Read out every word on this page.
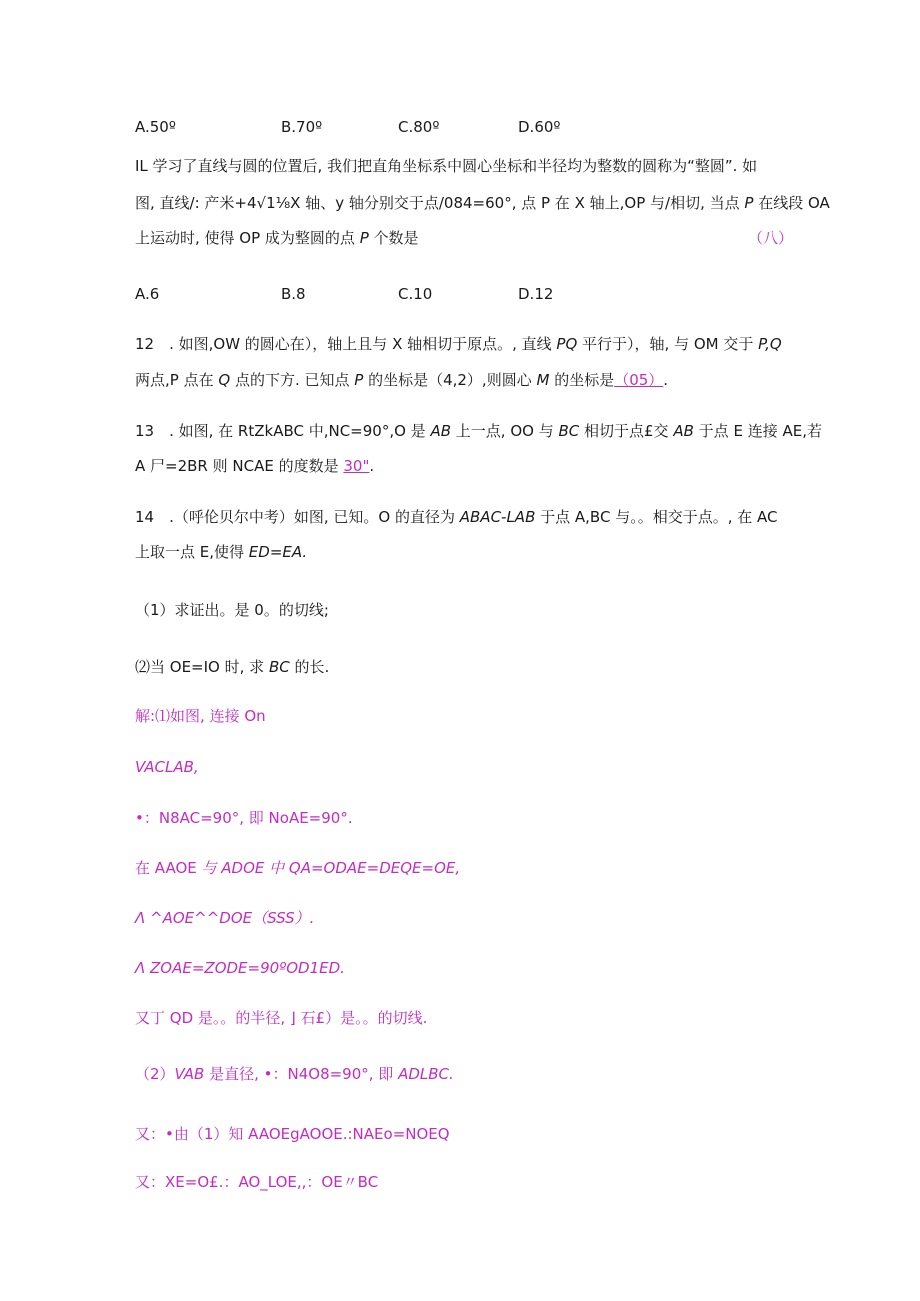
A.50º	B.70º	C.80º	D.60º
IL 学习了直线与圆的位置后, 我们把直角坐标系中圆心坐标和半径均为整数的圆称为“整圆”. 如
图, 直线/: 产米+4√1⅛X 轴、y 轴分别交于点/084=60°, 点 P 在 X 轴上,OP 与/相切, 当点 P 在线段 OA
上运动时, 使得 OP 成为整圆的点 P 个数是	（八）
A.6	B.8	C.10	D.12
12　. 如图,OW 的圆心在），轴上且与 X 轴相切于原点。, 直线 PQ 平行于），轴, 与 OM 交于 P,Q
两点,P 点在 Q 点的下方. 已知点 P 的坐标是（4,2）,则圆心 M 的坐标是（05）.
13　. 如图, 在 RtZkABC 中,NC=90°,O 是 AB 上一点, OO 与 BC 相切于点£交 AB 于点 E 连接 AE,若
A 尸=2BR 则 NCAE 的度数是 30".
14　.（呼伦贝尔中考）如图, 已知。O 的直径为 ABAC-LAB 于点 A,BC 与。。相交于点。, 在 AC
上取一点 E,使得 ED=EA.
（1）求证出。是 0。的切线;
⑵当 OE=IO 时, 求 BC 的长.
解:⑴如图, 连接 On
VACLAB,
•：N8AC=90°, 即 NoAE=90°.
在 AAOE 与 ADOE 中 QA=ODAE=DEQE=OE,
Λ ^AOE^^DOE（SSS）.
Λ ZOAE=ZODE=90ºOD1ED.
又丁 QD 是。。的半径, ⌋ 石£）是。。的切线.
（2）VAB 是直径, •：N4O8=90°, 即 ADLBC.
又：•由（1）知 AAOEgAOOE.:NAEo=NOEQ
又：XE=O£.：AO_LOE,,：OE〃BC
